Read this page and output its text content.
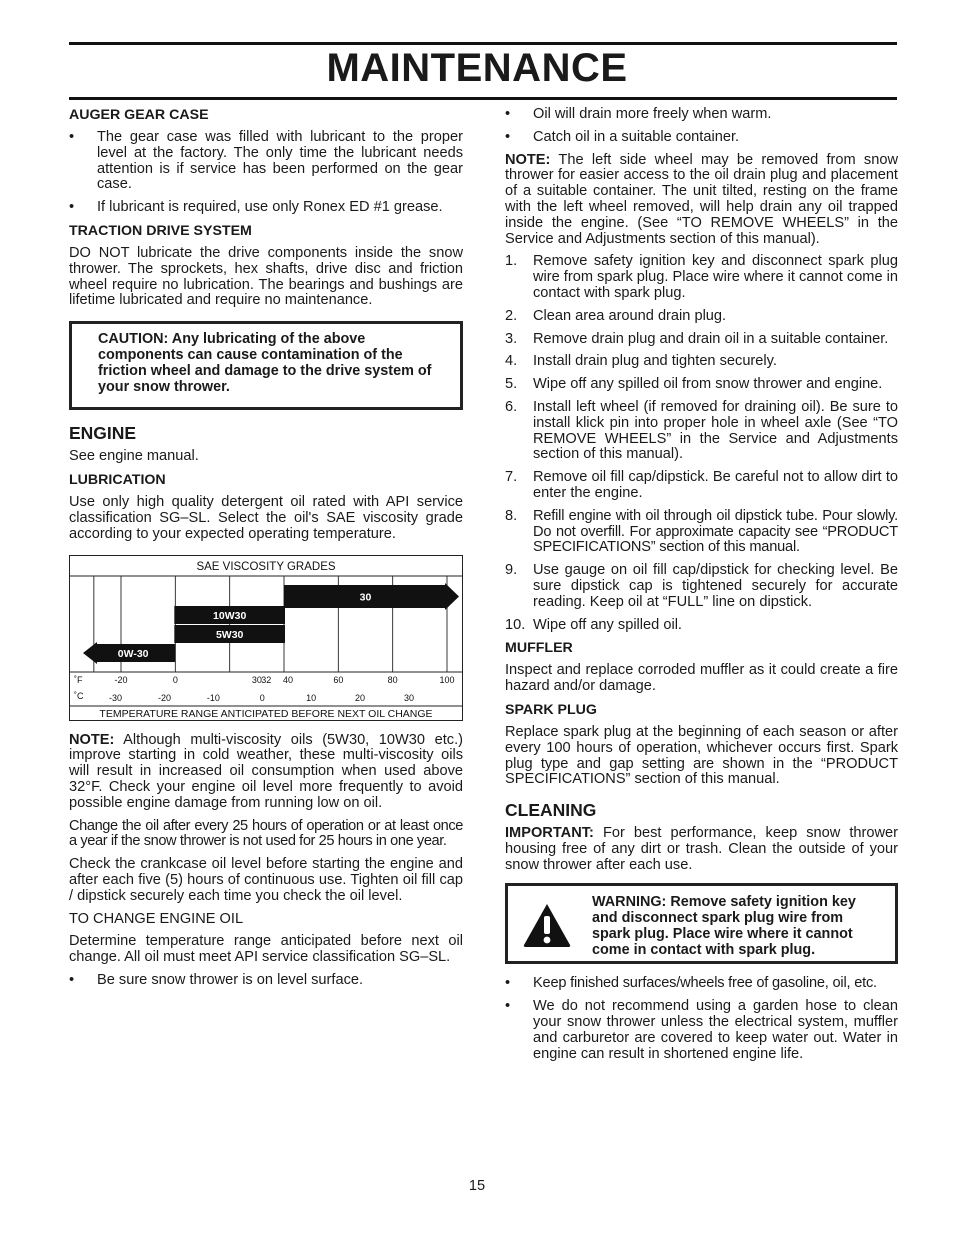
MAINTENANCE
AUGER GEAR CASE
• The gear case was filled with lubricant to the proper level at the factory. The only time the lubricant needs attention is if service has been performed on the gear case.
• If lubricant is required, use only Ronex ED #1 grease.
TRACTION DRIVE SYSTEM

DO NOT lubricate the drive components inside the snow thrower. The sprockets, hex shafts, drive disc and friction wheel require no lubrication. The bearings and bushings are lifetime lubricated and require no maintenance.

CAUTION: Any lubricating of the above components can cause contamination of the friction wheel and damage to the drive system of your snow thrower.
ENGINE

See engine manual.

LUBRICATION

Use only high quality detergent oil rated with API service classification SG–SL. Select the oil's SAE viscosity grade according to your expected operating temperature.

SAE VISCOSITY GRADES
30
10W30
5W30
0W-30
˚F	-20	0	30 32 40	60	80	100
˚C	-30	-20	-10	0	10	20	30
TEMPERATURE RANGE ANTICIPATED BEFORE NEXT OIL CHANGE

NOTE: Although multi-viscosity oils (5W30, 10W30 etc.) improve starting in cold weather, these multi-viscosity oils will result in increased oil consumption when used above 32°F. Check your engine oil level more frequently to avoid possible engine damage from running low on oil.

Change the oil after every 25 hours of operation or at least once a year if the snow thrower is not used for 25 hours in one year.

Check the crankcase oil level before starting the engine and after each five (5) hours of continuous use. Tighten oil fill cap / dipstick securely each time you check the oil level.

TO CHANGE ENGINE OIL

Determine temperature range anticipated before next oil change. All oil must meet API service classification SG–SL.

• Be sure snow thrower is on level surface.
• Oil will drain more freely when warm.
• Catch oil in a suitable container.

NOTE: The left side wheel may be removed from snow thrower for easier access to the oil drain plug and placement of a suitable container. The unit tilted, resting on the frame with the left wheel removed, will help drain any oil trapped inside the engine. (See “TO REMOVE WHEELS” in the Service and Adjustments section of this manual).

1. Remove safety ignition key and disconnect spark plug wire from spark plug. Place wire where it cannot come in contact with spark plug.
2. Clean area around drain plug.
3. Remove drain plug and drain oil in a suitable container.
4. Install drain plug and tighten securely.
5. Wipe off any spilled oil from snow thrower and engine.
6. Install left wheel (if removed for draining oil). Be sure to install klick pin into proper hole in wheel axle (See “TO REMOVE WHEELS” in the Service and Adjustments section of this manual).
7. Remove oil fill cap/dipstick. Be careful not to allow dirt to enter the engine.
8. Refill engine with oil through oil dipstick tube. Pour slowly. Do not overfill. For approximate capacity see “PRODUCT SPECIFICATIONS” section of this manual.
9. Use gauge on oil fill cap/dipstick for checking level. Be sure dipstick cap is tightened securely for accurate reading. Keep oil at “FULL” line on dipstick.
10. Wipe off any spilled oil.
MUFFLER

Inspect and replace corroded muffler as it could create a fire hazard and/or damage.

SPARK PLUG

Replace spark plug at the beginning of each season or after every 100 hours of operation, whichever occurs first. Spark plug type and gap setting are shown in the “PRODUCT SPECIFICATIONS” section of this manual.

CLEANING

IMPORTANT: For best performance, keep snow thrower housing free of any dirt or trash. Clean the outside of your snow thrower after each use.

WARNING: Remove safety ignition key and disconnect spark plug wire from spark plug. Place wire where it cannot come in contact with spark plug.
• Keep finished surfaces/wheels free of gasoline, oil, etc.
• We do not recommend using a garden hose to clean your snow thrower unless the electrical system, muffler and carburetor are covered to keep water out. Water in engine can result in shortened engine life.
15
